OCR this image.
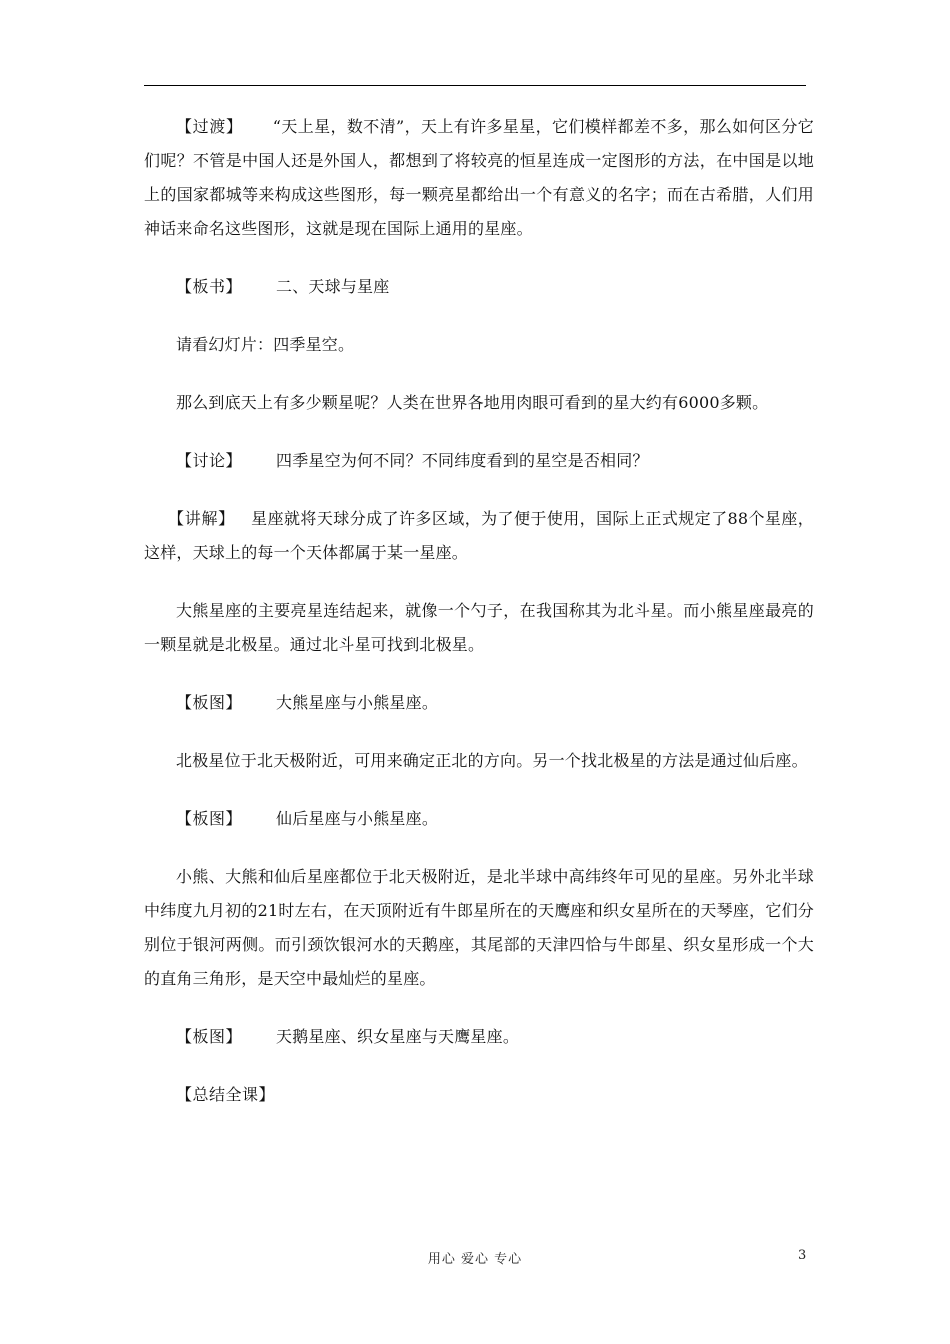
【过渡】 “天上星，数不清”，天上有许多星星，它们模样都差不多，那么如何区分它们呢？不管是中国人还是外国人，都想到了将较亮的恒星连成一定图形的方法，在中国是以地上的国家都城等来构成这些图形，每一颗亮星都给出一个有意义的名字；而在古希腊，人们用神话来命名这些图形，这就是现在国际上通用的星座。

【板书】 二、天球与星座

请看幻灯片：四季星空。

那么到底天上有多少颗星呢？人类在世界各地用肉眼可看到的星大约有6000多颗。

【讨论】 四季星空为何不同？不同纬度看到的星空是否相同？

【讲解】 星座就将天球分成了许多区域，为了便于使用，国际上正式规定了88个星座，这样，天球上的每一个天体都属于某一星座。

大熊星座的主要亮星连结起来，就像一个勺子，在我国称其为北斗星。而小熊星座最亮的一颗星就是北极星。通过北斗星可找到北极星。

【板图】 大熊星座与小熊星座。

北极星位于北天极附近，可用来确定正北的方向。另一个找北极星的方法是通过仙后座。

【板图】 仙后星座与小熊星座。

小熊、大熊和仙后星座都位于北天极附近，是北半球中高纬终年可见的星座。另外北半球中纬度九月初的21时左右，在天顶附近有牛郎星所在的天鹰座和织女星所在的天琴座，它们分别位于银河两侧。而引颈饮银河水的天鹅座，其尾部的天津四恰与牛郎星、织女星形成一个大的直角三角形，是天空中最灿烂的星座。

【板图】 天鹅星座、织女星座与天鹰星座。

【总结全课】

用心 爱心 专心	3
